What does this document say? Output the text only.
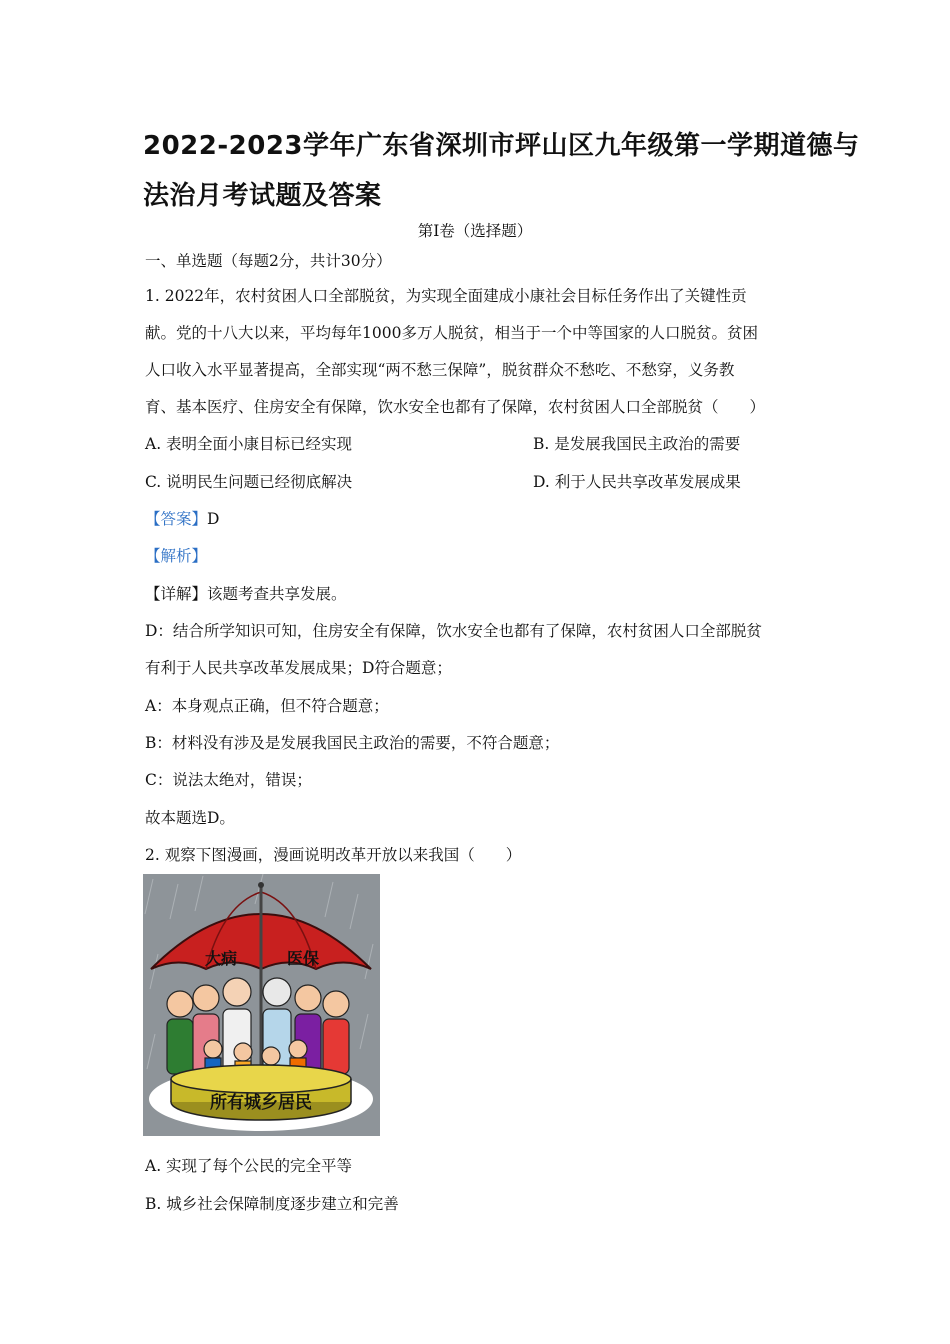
2022-2023学年广东省深圳市坪山区九年级第一学期道德与
法治月考试题及答案
第Ⅰ卷（选择题）
一、单选题（每题2分，共计30分）
1. 2022年，农村贫困人口全部脱贫，为实现全面建成小康社会目标任务作出了关键性贡
献。党的十八大以来，平均每年1000多万人脱贫，相当于一个中等国家的人口脱贫。贫困
人口收入水平显著提高，全部实现“两不愁三保障”，脱贫群众不愁吃、不愁穿，义务教
育、基本医疗、住房安全有保障，饮水安全也都有了保障，农村贫困人口全部脱贫（　　）
A. 表明全面小康目标已经实现	B. 是发展我国民主政治的需要
C. 说明民生问题已经彻底解决	D. 利于人民共享改革发展成果
【答案】D
【解析】
【详解】该题考查共享发展。
D：结合所学知识可知，住房安全有保障，饮水安全也都有了保障，农村贫困人口全部脱贫
有利于人民共享改革发展成果；D符合题意；
A：本身观点正确，但不符合题意；
B：材料没有涉及是发展我国民主政治的需要，不符合题意；
C：说法太绝对，错误；
故本题选D。
2. 观察下图漫画，漫画说明改革开放以来我国（　　）
大病	医保
所有城乡居民
A. 实现了每个公民的完全平等
B. 城乡社会保障制度逐步建立和完善
